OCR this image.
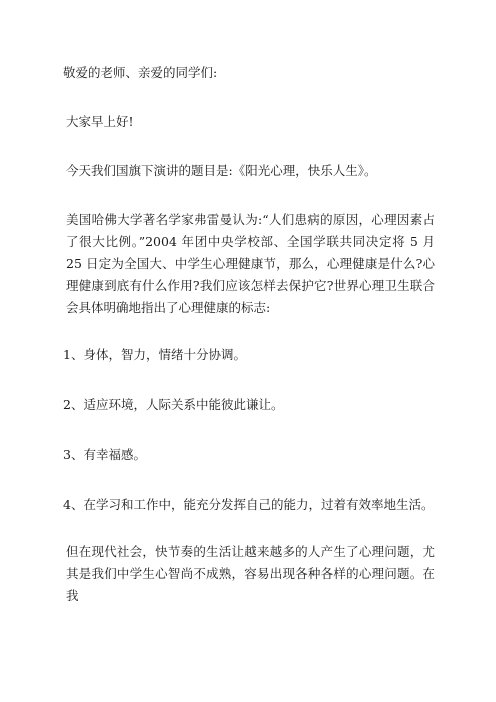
敬爱的老师、亲爱的同学们:

大家早上好!

今天我们国旗下演讲的题目是:《阳光心理，快乐人生》。

美国哈佛大学著名学家弗雷曼认为:“人们患病的原因，心理因素占了很大比例。”2004 年团中央学校部、全国学联共同决定将 5 月 25 日定为全国大、中学生心理健康节，那么，心理健康是什么?心理健康到底有什么作用?我们应该怎样去保护它?世界心理卫生联合会具体明确地指出了心理健康的标志:

1、身体，智力，情绪十分协调。

2、适应环境，人际关系中能彼此谦让。

3、有幸福感。

4、在学习和工作中，能充分发挥自己的能力，过着有效率地生活。

但在现代社会，快节奏的生活让越来越多的人产生了心理问题，尤其是我们中学生心智尚不成熟，容易出现各种各样的心理问题。在我
